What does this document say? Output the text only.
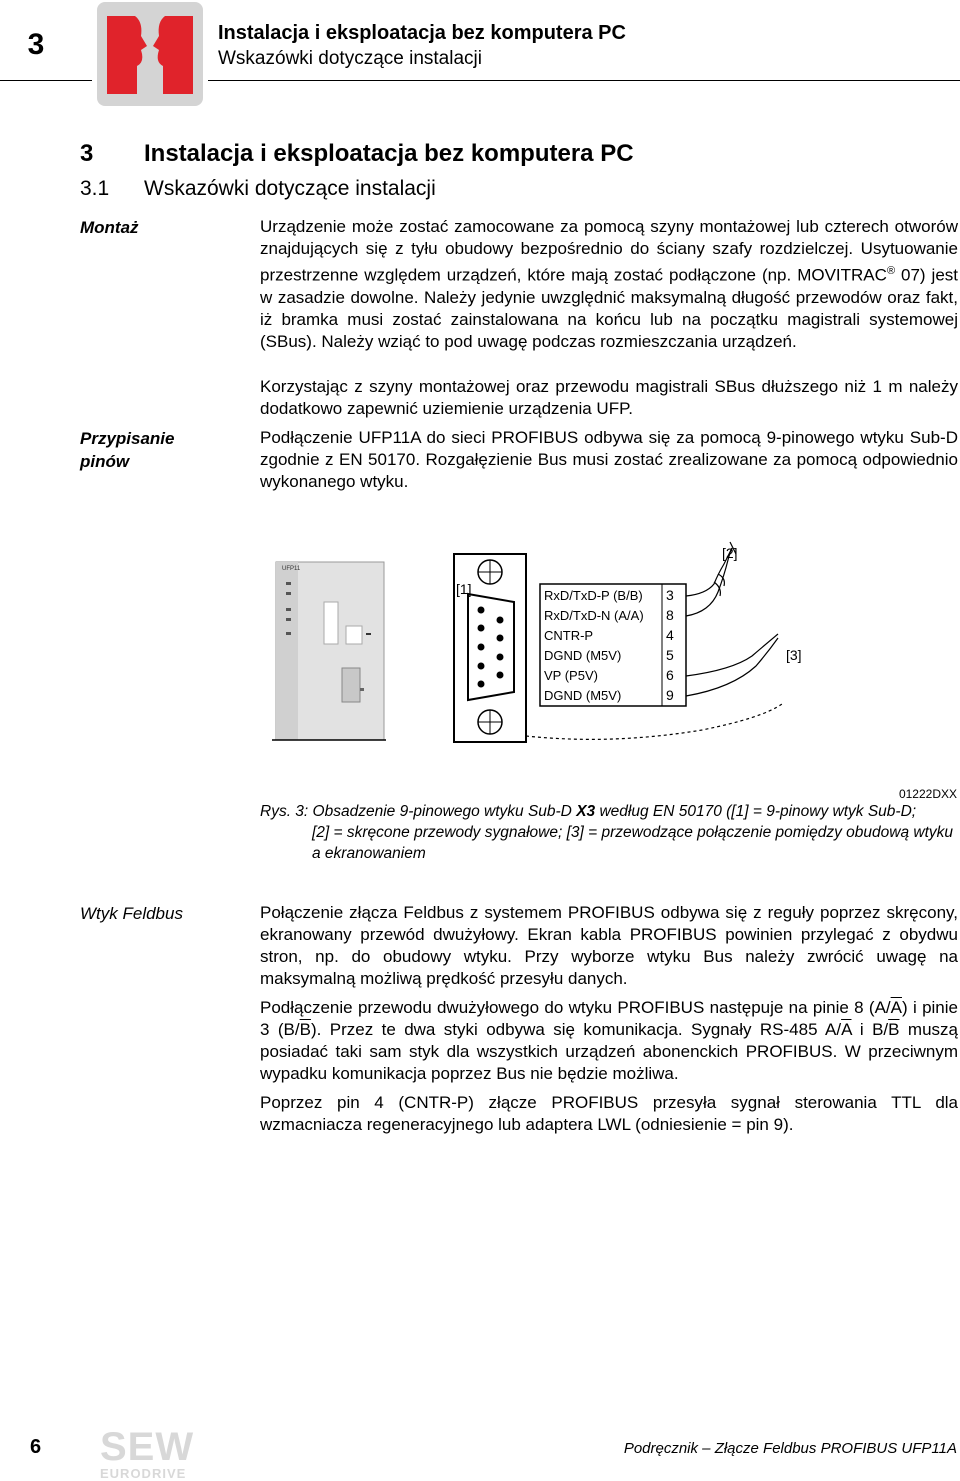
3	Instalacja i eksploatacja bez komputera PC
Wskazówki dotyczące instalacji
3 Instalacja i eksploatacja bez komputera PC
3.1 Wskazówki dotyczące instalacji
Montaż	Urządzenie może zostać zamocowane za pomocą szyny montażowej lub czterech otworów znajdujących się z tyłu obudowy bezpośrednio do ściany szafy rozdzielczej. Usytuowanie przestrzenne względem urządzeń, które mają zostać podłączone (np. MOVITRAC® 07) jest w zasadzie dowolne. Należy jedynie uwzględnić maksymalną długość przewodów oraz fakt, iż bramka musi zostać zainstalowana na końcu lub na początku magistrali systemowej (SBus). Należy wziąć to pod uwagę podczas rozmieszczania urządzeń.
Korzystając z szyny montażowej oraz przewodu magistrali SBus dłuższego niż 1 m należy dodatkowo zapewnić uziemienie urządzenia UFP.
Przypisanie
pinów
Podłączenie UFP11A do sieci PROFIBUS odbywa się za pomocą 9-pinowego wtyku Sub-D zgodnie z EN 50170. Rozgałęzienie Bus musi zostać zrealizowane za pomocą odpowiednio wykonanego wtyku.
UFP11
[1]	RxD/TxD-P (B/B) 3
RxD/TxD-N (A/A) 8
CNTR-P	4
DGND (M5V)	5
VP (P5V)	6
DGND (M5V)	9
[2]
[3]
01222DXX
Rys. 3: Obsadzenie 9-pinowego wtyku Sub-D X3 według EN 50170 ([1] = 9-pinowy wtyk Sub-D;
[2] = skręcone przewody sygnałowe; [3] = przewodzące połączenie pomiędzy obudową wtyku a ekranowaniem
Wtyk Feldbus	Połączenie złącza Feldbus z systemem PROFIBUS odbywa się z reguły poprzez skręcony, ekranowany przewód dwużyłowy. Ekran kabla PROFIBUS powinien przylegać z obydwu stron, np. do obudowy wtyku. Przy wyborze wtyku Bus należy zwrócić uwagę na maksymalną możliwą prędkość przesyłu danych.
Podłączenie przewodu dwużyłowego do wtyku PROFIBUS następuje na pinie 8 $(A/\overline{A})$ i pinie 3 $(B/\overline{B})$. Przez te dwa styki odbywa się komunikacja. Sygnały RS-485 $A/\overline{A}$ i $B/\overline{B}$ muszą posiadać taki sam styk dla wszystkich urządzeń abonenckich PROFIBUS. W przeciwnym wypadku komunikacja poprzez Bus nie będzie możliwa.
Poprzez pin 4 (CNTR-P) złącze PROFIBUS przesyła sygnał sterowania TTL dla wzmacniacza regeneracyjnego lub adaptera LWL (odniesienie = pin 9).
6 SEW
EURODRIVE
Podręcznik – Złącze Feldbus PROFIBUS UFP11A
